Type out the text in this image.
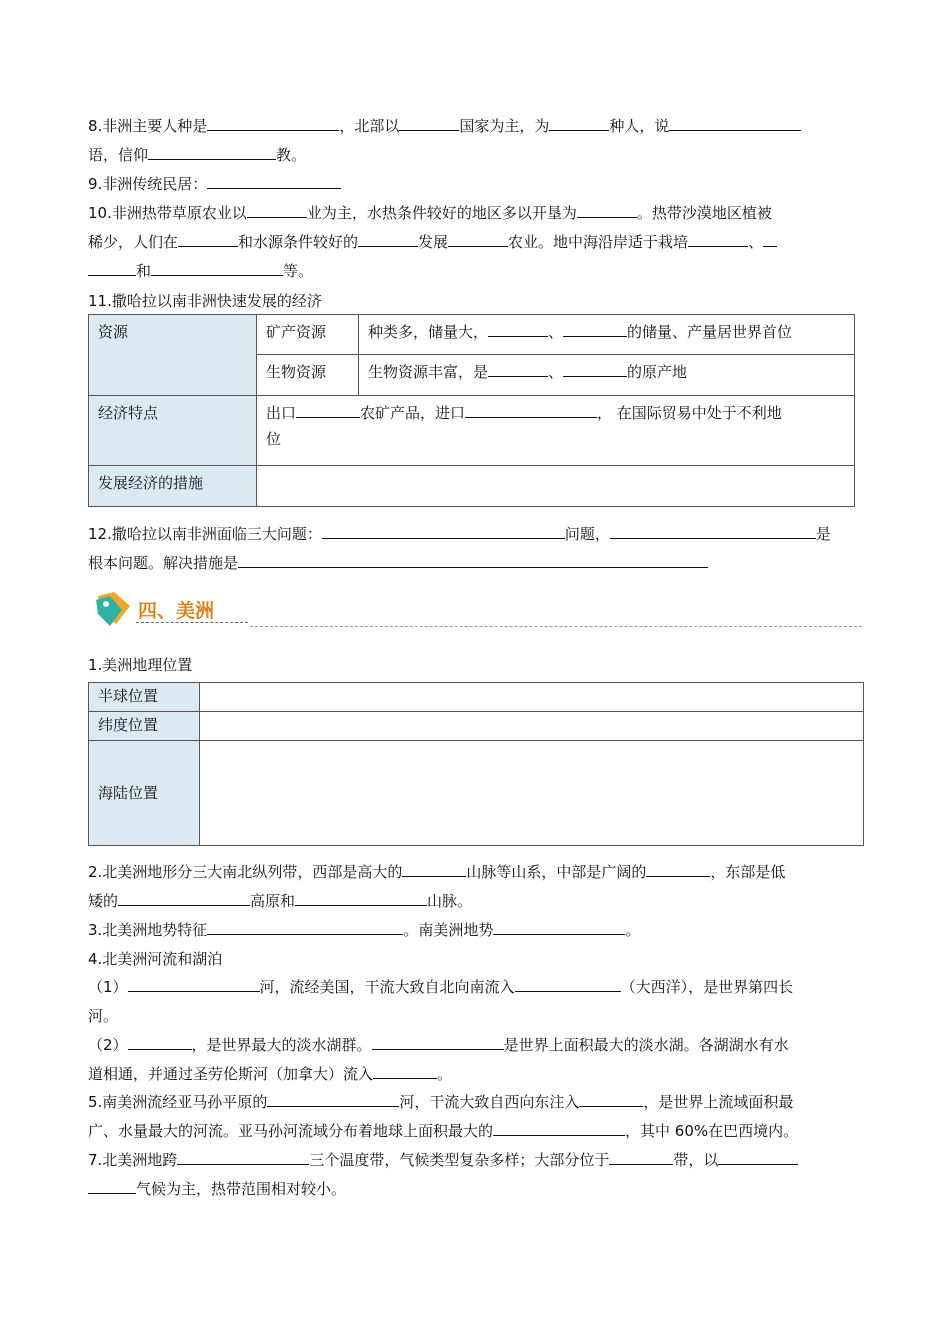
8.非洲主要人种是	，北部以	国家为主，为	种人，说
语，信仰	教。
9.非洲传统民居：
10.非洲热带草原农业以	业为主，水热条件较好的地区多以开垦为	。热带沙漠地区植被
稀少，人们在	和水源条件较好的	发展	农业。地中海沿岸适于栽培	、
和	等。
11.撒哈拉以南非洲快速发展的经济
资源	矿产资源	种类多，储量大， 、 的储量、产量居世界首位
	生物资源	生物资源丰富，是 、 的原产地
经济特点	出口 农矿产品，进口 ， 在国际贸易中处于不利地
位	
发展经济的措施		
12.撒哈拉以南非洲面临三大问题：	问题，	是
根本问题。解决措施是
四、美洲
1.美洲地理位置
半球位置	
纬度位置	
海陆位置	
2.北美洲地形分三大南北纵列带，西部是高大的	山脉等山系，中部是广阔的	，东部是低
矮的	高原和	山脉。
3.北美洲地势特征	。南美洲地势	。
4.北美洲河流和湖泊
（1）	河，流经美国，干流大致自北向南流入	（大西洋），是世界第四长
河。
（2）	，是世界最大的淡水湖群。	是世界上面积最大的淡水湖。各湖湖水有水
道相通，并通过圣劳伦斯河（加拿大）流入	。
5.南美洲流经亚马孙平原的	河，干流大致自西向东注入	，是世界上流域面积最
广、水量最大的河流。亚马孙河流域分布着地球上面积最大的	，其中 60%在巴西境内。
7.北美洲地跨	三个温度带，气候类型复杂多样；大部分位于	带，以
气候为主，热带范围相对较小。
